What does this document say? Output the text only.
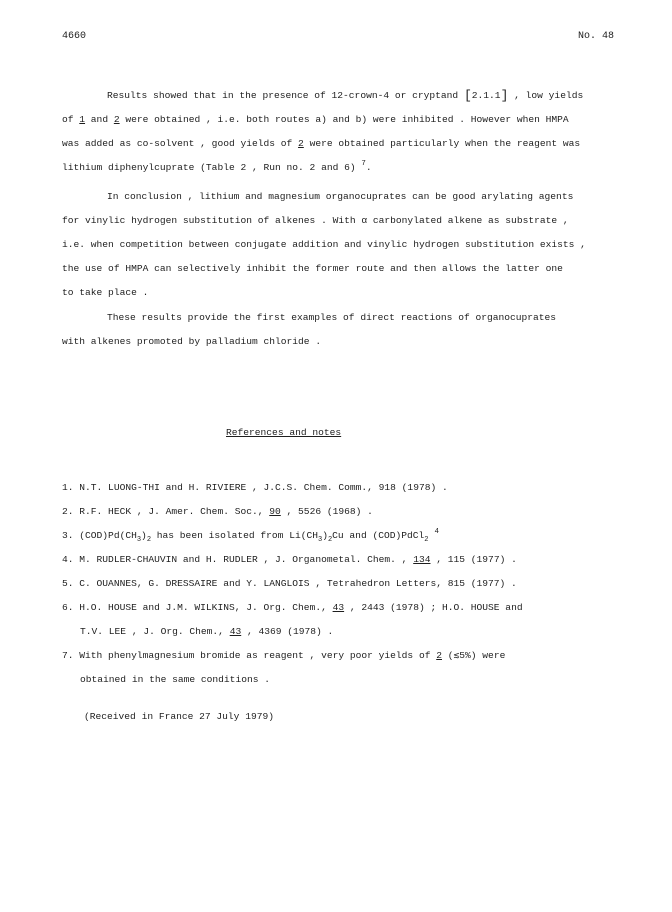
4660	No. 48
Results showed that in the presence of 12-crown-4 or cryptand [2.1.1] , low yields
of 1 and 2 were obtained , i.e. both routes a) and b) were inhibited . However when HMPA
was added as co-solvent , good yields of 2 were obtained particularly when the reagent was
lithium diphenylcuprate (Table 2 , Run no. 2 and 6) $^7$.
In conclusion , lithium and magnesium organocuprates can be good arylating agents
for vinylic hydrogen substitution of alkenes . With α carbonylated alkene as substrate ,
i.e. when competition between conjugate addition and vinylic hydrogen substitution exists ,
the use of HMPA can selectively inhibit the former route and then allows the latter one
to take place .
These results provide the first examples of direct reactions of organocuprates
with alkenes promoted by palladium chloride .
References and notes
1. N.T. LUONG-THI and H. RIVIERE , J.C.S. Chem. Comm., 918 (1978) .
2. R.F. HECK , J. Amer. Chem. Soc., 90 , 5526 (1968) .
3. $(COD)Pd(CH_3)_2$ has been isolated from $Li(CH_3)_2Cu$ and (COD)PdCl$_2^4$
4. M. RUDLER-CHAUVIN and H. RUDLER , J. Organometal. Chem. , 134 , 115 (1977) .
5. C. OUANNES, G. DRESSAIRE and Y. LANGLOIS , Tetrahedron Letters, 815 (1977) .
6. H.O. HOUSE and J.M. WILKINS, J. Org. Chem., 43 , 2443 (1978) ; H.O. HOUSE and
T.V. LEE , J. Org. Chem., 43 , 4369 (1978) .
7. With phenylmagnesium bromide as reagent , very poor yields of 2 (≲5%) were
obtained in the same conditions .
(Received in France 27 July 1979)
